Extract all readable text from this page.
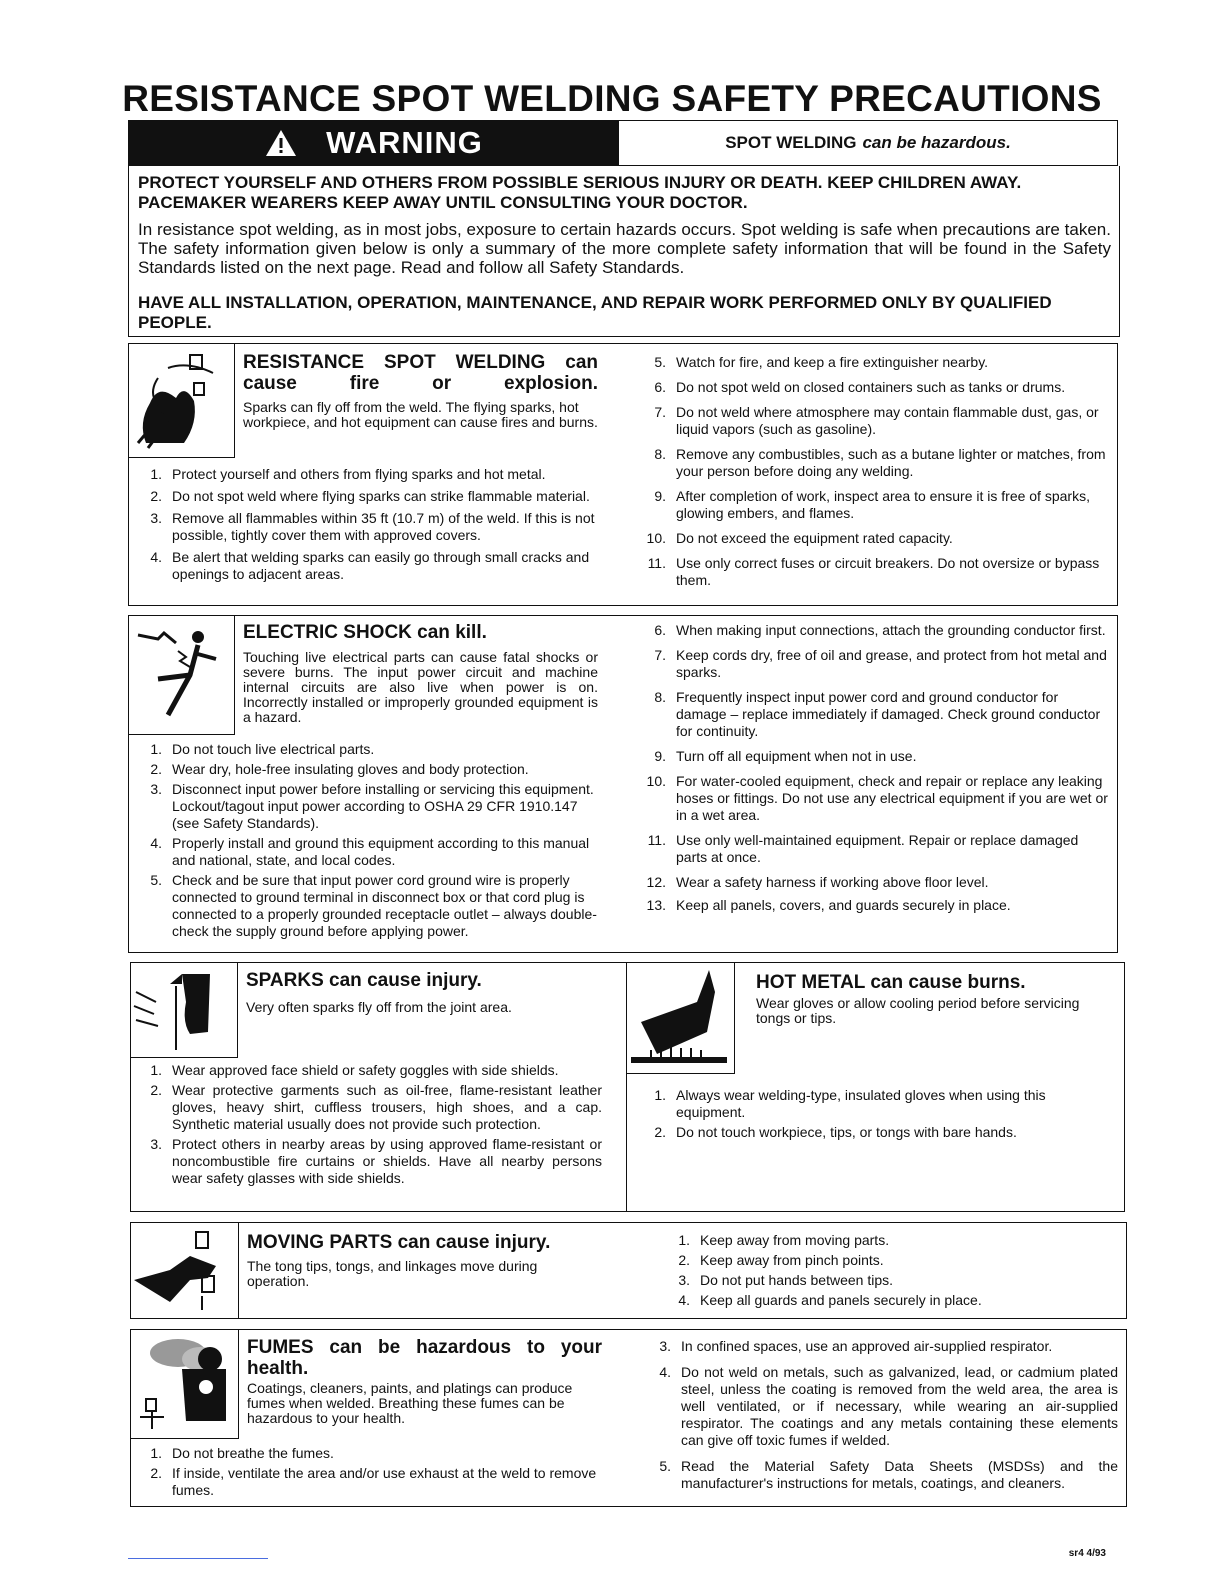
RESISTANCE SPOT WELDING SAFETY PRECAUTIONS
WARNING	SPOT WELDING can be hazardous.
PROTECT YOURSELF AND OTHERS FROM POSSIBLE SERIOUS INJURY OR DEATH. KEEP CHILDREN AWAY. PACEMAKER WEARERS KEEP AWAY UNTIL CONSULTING YOUR DOCTOR.
In resistance spot welding, as in most jobs, exposure to certain hazards occurs. Spot welding is safe when precautions are taken. The safety information given below is only a summary of the more complete safety information that will be found in the Safety Standards listed on the next page. Read and follow all Safety Standards.
HAVE ALL INSTALLATION, OPERATION, MAINTENANCE, AND REPAIR WORK PERFORMED ONLY BY QUALIFIED PEOPLE.
RESISTANCE SPOT WELDING can cause fire or explosion.
Sparks can fly off from the weld. The flying sparks, hot workpiece, and hot equipment can cause fires and burns.
1. Protect yourself and others from flying sparks and hot metal.
2. Do not spot weld where flying sparks can strike flammable material.
3. Remove all flammables within 35 ft (10.7 m) of the weld. If this is not possible, tightly cover them with approved covers.
4. Be alert that welding sparks can easily go through small cracks and openings to adjacent areas.
5. Watch for fire, and keep a fire extinguisher nearby.
6. Do not spot weld on closed containers such as tanks or drums.
7. Do not weld where atmosphere may contain flammable dust, gas, or liquid vapors (such as gasoline).
8. Remove any combustibles, such as a butane lighter or matches, from your person before doing any welding.
9. After completion of work, inspect area to ensure it is free of sparks, glowing embers, and flames.
10. Do not exceed the equipment rated capacity.
11. Use only correct fuses or circuit breakers. Do not oversize or bypass them.
ELECTRIC SHOCK can kill.
Touching live electrical parts can cause fatal shocks or severe burns. The input power circuit and machine internal circuits are also live when power is on. Incorrectly installed or improperly grounded equipment is a hazard.
1. Do not touch live electrical parts.
2. Wear dry, hole-free insulating gloves and body protection.
3. Disconnect input power before installing or servicing this equipment. Lockout/tagout input power according to OSHA 29 CFR 1910.147 (see Safety Standards).
4. Properly install and ground this equipment according to this manual and national, state, and local codes.
5. Check and be sure that input power cord ground wire is properly connected to ground terminal in disconnect box or that cord plug is connected to a properly grounded receptacle outlet – always double-check the supply ground before applying power.
6. When making input connections, attach the grounding conductor first.
7. Keep cords dry, free of oil and grease, and protect from hot metal and sparks.
8. Frequently inspect input power cord and ground conductor for damage – replace immediately if damaged. Check ground conductor for continuity.
9. Turn off all equipment when not in use.
10. For water-cooled equipment, check and repair or replace any leaking hoses or fittings. Do not use any electrical equipment if you are wet or in a wet area.
11. Use only well-maintained equipment. Repair or replace damaged parts at once.
12. Wear a safety harness if working above floor level.
13. Keep all panels, covers, and guards securely in place.
SPARKS can cause injury.
Very often sparks fly off from the joint area.
1. Wear approved face shield or safety goggles with side shields.
2. Wear protective garments such as oil-free, flame-resistant leather gloves, heavy shirt, cuffless trousers, high shoes, and a cap. Synthetic material usually does not provide such protection.
3. Protect others in nearby areas by using approved flame-resistant or noncombustible fire curtains or shields. Have all nearby persons wear safety glasses with side shields.
HOT METAL can cause burns.
Wear gloves or allow cooling period before servicing tongs or tips.
1. Always wear welding-type, insulated gloves when using this equipment.
2. Do not touch workpiece, tips, or tongs with bare hands.
MOVING PARTS can cause injury.
The tong tips, tongs, and linkages move during operation.
1. Keep away from moving parts.
2. Keep away from pinch points.
3. Do not put hands between tips.
4. Keep all guards and panels securely in place.
FUMES can be hazardous to your health.
Coatings, cleaners, paints, and platings can produce fumes when welded. Breathing these fumes can be hazardous to your health.
1. Do not breathe the fumes.
2. If inside, ventilate the area and/or use exhaust at the weld to remove fumes.
3. In confined spaces, use an approved air-supplied respirator.
4. Do not weld on metals, such as galvanized, lead, or cadmium plated steel, unless the coating is removed from the weld area, the area is well ventilated, or if necessary, while wearing an air-supplied respirator. The coatings and any metals containing these elements can give off toxic fumes if welded.
5. Read the Material Safety Data Sheets (MSDSs) and the manufacturer's instructions for metals, coatings, and cleaners.
sr4 4/93
